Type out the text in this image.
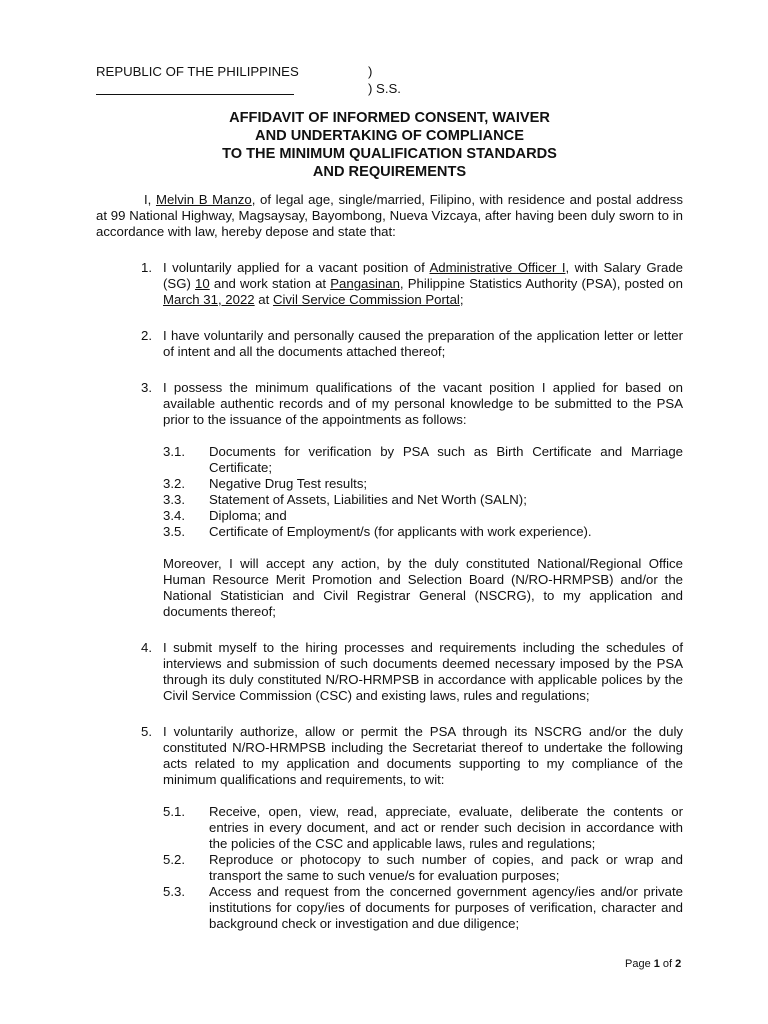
REPUBLIC OF THE PHILIPPINES	)
) S.S.
AFFIDAVIT OF INFORMED CONSENT, WAIVER
AND UNDERTAKING OF COMPLIANCE
TO THE MINIMUM QUALIFICATION STANDARDS
AND REQUIREMENTS

I, Melvin B Manzo, of legal age, single/married, Filipino, with residence and postal address at 99 National Highway, Magsaysay, Bayombong, Nueva Vizcaya, after having been duly sworn to in accordance with law, hereby depose and state that:

1. I voluntarily applied for a vacant position of Administrative Officer I, with Salary Grade (SG) 10 and work station at Pangasinan, Philippine Statistics Authority (PSA), posted on March 31, 2022 at Civil Service Commission Portal;
2. I have voluntarily and personally caused the preparation of the application letter or letter of intent and all the documents attached thereof;
3. I possess the minimum qualifications of the vacant position I applied for based on available authentic records and of my personal knowledge to be submitted to the PSA prior to the issuance of the appointments as follows:
3.1. Documents for verification by PSA such as Birth Certificate and Marriage Certificate;
3.2. Negative Drug Test results;
3.3. Statement of Assets, Liabilities and Net Worth (SALN);
3.4. Diploma; and
3.5. Certificate of Employment/s (for applicants with work experience).
Moreover, I will accept any action, by the duly constituted National/Regional Office Human Resource Merit Promotion and Selection Board (N/RO-HRMPSB) and/or the National Statistician and Civil Registrar General (NSCRG), to my application and documents thereof;
4. I submit myself to the hiring processes and requirements including the schedules of interviews and submission of such documents deemed necessary imposed by the PSA through its duly constituted N/RO-HRMPSB in accordance with applicable polices by the Civil Service Commission (CSC) and existing laws, rules and regulations;
5. I voluntarily authorize, allow or permit the PSA through its NSCRG and/or the duly constituted N/RO-HRMPSB including the Secretariat thereof to undertake the following acts related to my application and documents supporting to my compliance of the minimum qualifications and requirements, to wit:
5.1. Receive, open, view, read, appreciate, evaluate, deliberate the contents or entries in every document, and act or render such decision in accordance with the policies of the CSC and applicable laws, rules and regulations;
5.2. Reproduce or photocopy to such number of copies, and pack or wrap and transport the same to such venue/s for evaluation purposes;
5.3. Access and request from the concerned government agency/ies and/or private institutions for copy/ies of documents for purposes of verification, character and background check or investigation and due diligence;
Page 1 of 2
